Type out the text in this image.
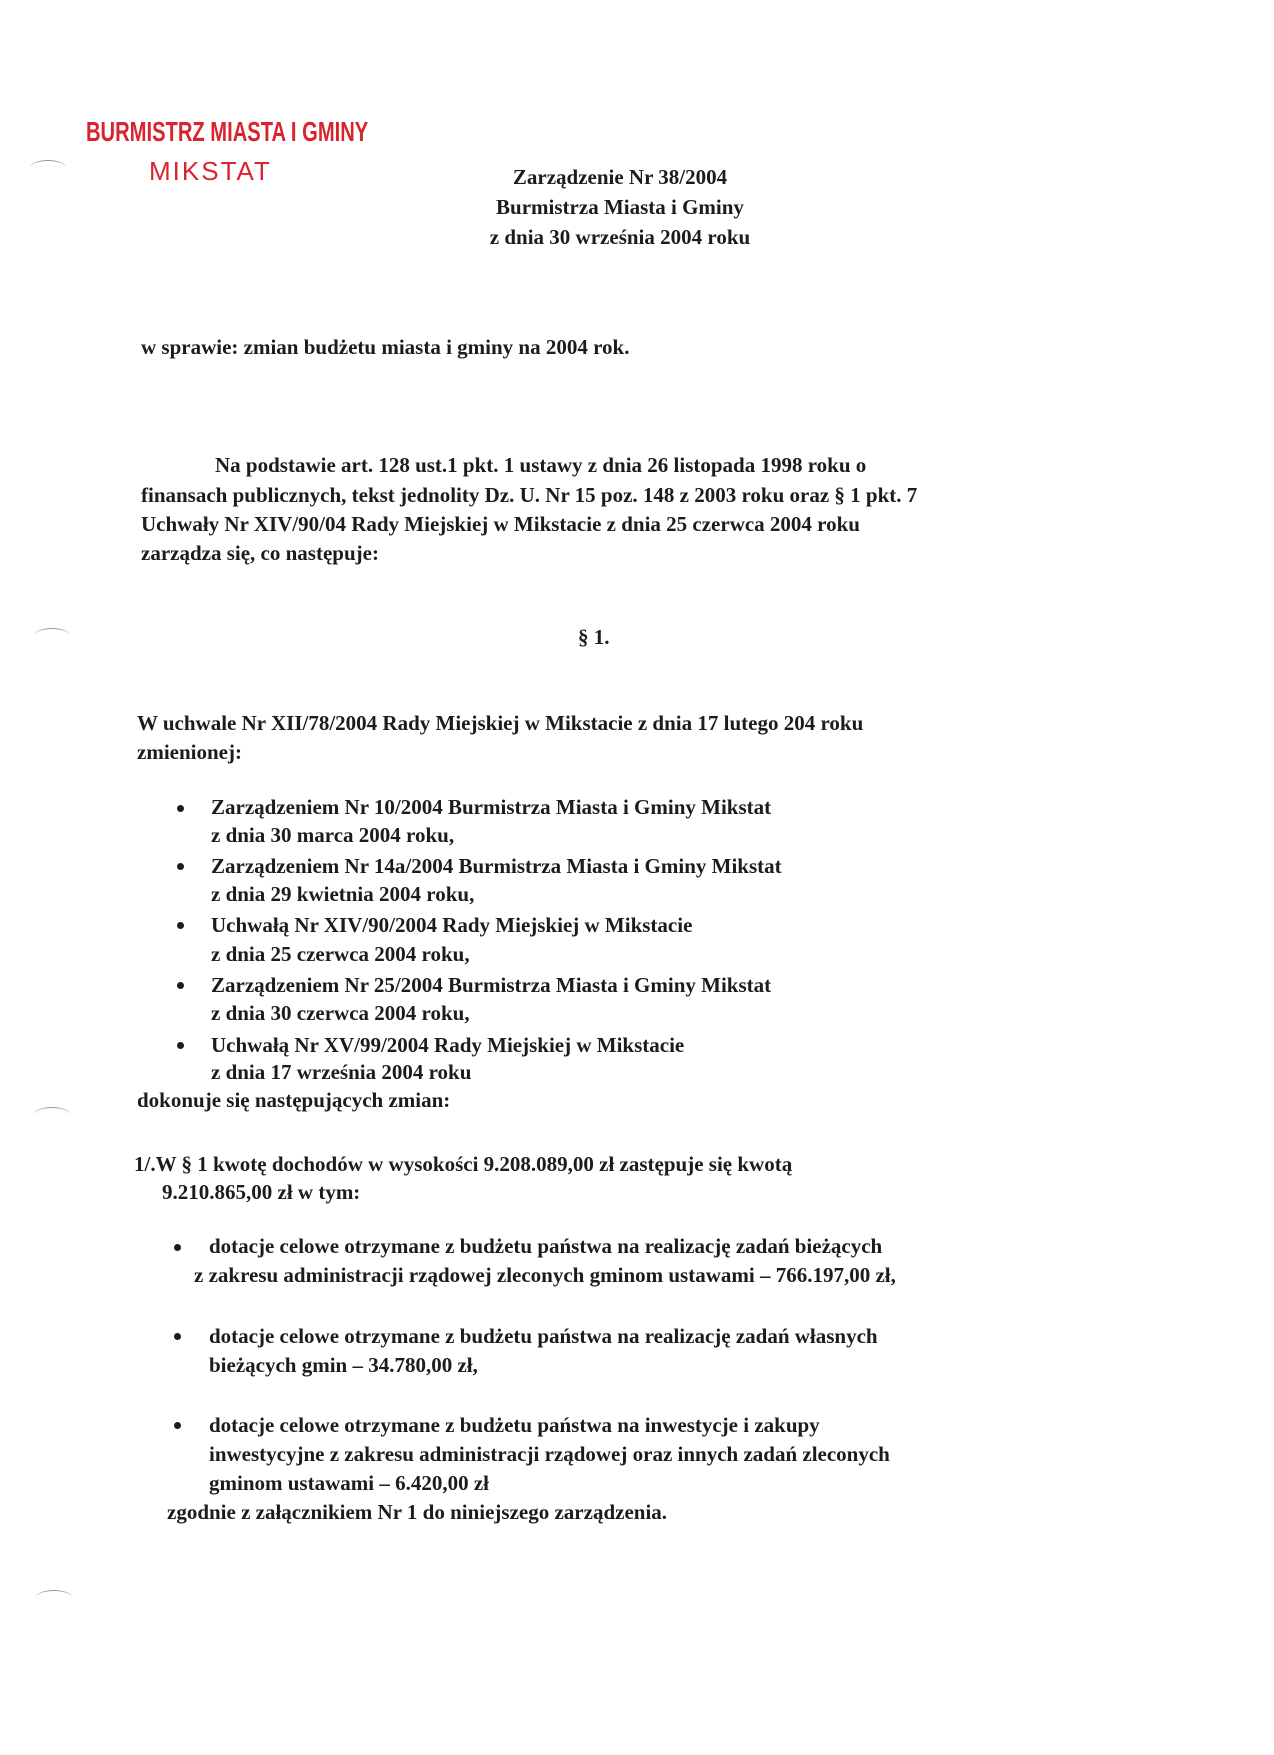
BURMISTRZ MIASTA I GMINY
MIKSTAT	Zarządzenie Nr 38/2004
Burmistrza Miasta i Gminy
z dnia 30 września 2004 roku
w sprawie: zmian budżetu miasta i gminy na 2004 rok.
Na podstawie art. 128 ust.1 pkt. 1 ustawy z dnia 26 listopada 1998 roku o
finansach publicznych, tekst jednolity Dz. U. Nr 15 poz. 148 z 2003 roku oraz § 1 pkt. 7
Uchwały Nr XIV/90/04 Rady Miejskiej w Mikstacie z dnia 25 czerwca 2004 roku
zarządza się, co następuje:
§ 1.
W uchwale Nr XII/78/2004 Rady Miejskiej w Mikstacie z dnia 17 lutego 204 roku
zmienionej:
Zarządzeniem Nr 10/2004 Burmistrza Miasta i Gminy Mikstat
z dnia 30 marca 2004 roku,
Zarządzeniem Nr 14a/2004 Burmistrza Miasta i Gminy Mikstat
z dnia 29 kwietnia 2004 roku,
Uchwałą Nr XIV/90/2004 Rady Miejskiej w Mikstacie
z dnia 25 czerwca 2004 roku,
Zarządzeniem Nr 25/2004 Burmistrza Miasta i Gminy Mikstat
z dnia 30 czerwca 2004 roku,
Uchwałą Nr XV/99/2004 Rady Miejskiej w Mikstacie
z dnia 17 września 2004 roku
dokonuje się następujących zmian:
1/.W § 1 kwotę dochodów w wysokości 9.208.089,00 zł zastępuje się kwotą
9.210.865,00 zł w tym:
dotacje celowe otrzymane z budżetu państwa na realizację zadań bieżących
z zakresu administracji rządowej zleconych gminom ustawami – 766.197,00 zł,
dotacje celowe otrzymane z budżetu państwa na realizację zadań własnych
bieżących gmin – 34.780,00 zł,
dotacje celowe otrzymane z budżetu państwa na inwestycje i zakupy
inwestycyjne z zakresu administracji rządowej oraz innych zadań zleconych
gminom ustawami – 6.420,00 zł
zgodnie z załącznikiem Nr 1 do niniejszego zarządzenia.
